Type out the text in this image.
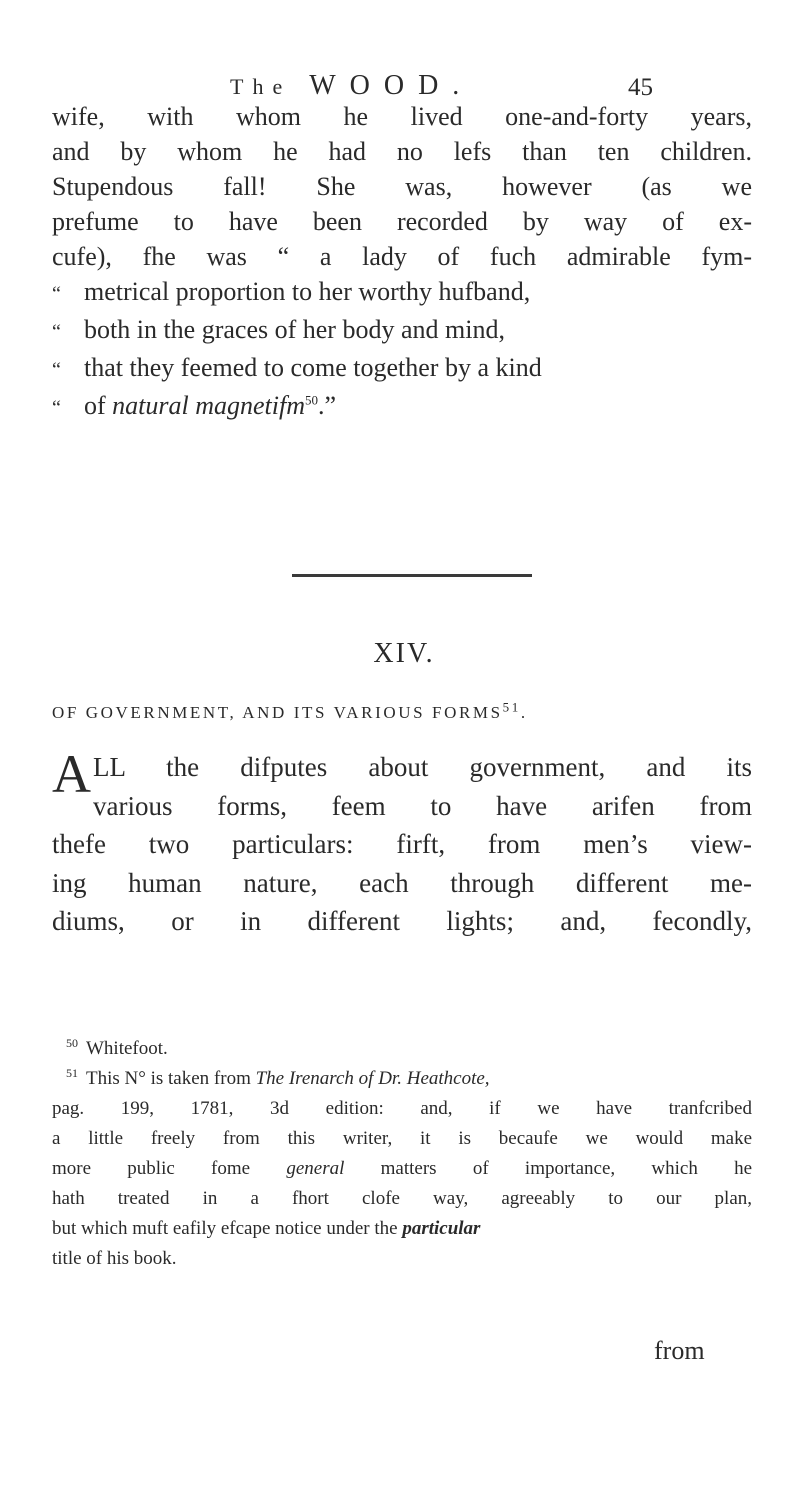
The WOOD.	45
wife, with whom he lived one-and-forty years,
and by whom he had no lefs than ten children.
Stupendous fall! She was, however (as we
prefume to have been recorded by way of ex-
cufe), fhe was “ a lady of fuch admirable fym-
“ metrical proportion to her worthy hufband,
“ both in the graces of her body and mind,
“ that they feemed to come together by a kind
“ of natural magnetifm$^{50}$.”
XIV.
OF GOVERNMENT, AND ITS VARIOUS FORMS$^{51}$.
A LL the difputes about government, and its
various forms, feem to have arifen from
thefe two particulars: firft, from men’s view-
ing human nature, each through different me-
diums, or in different lights; and, fecondly,
$^{50}$ Whitefoot.
$^{51}$ This N° is taken from The Irenarch of Dr. Heathcote,
pag. 199, 1781, 3d edition: and, if we have tranfcribed
a little freely from this writer, it is becaufe we would make
more public fome general matters of importance, which he
hath treated in a fhort clofe way, agreeably to our plan,
but which muft eafily efcape notice under the particular
title of his book.
from
